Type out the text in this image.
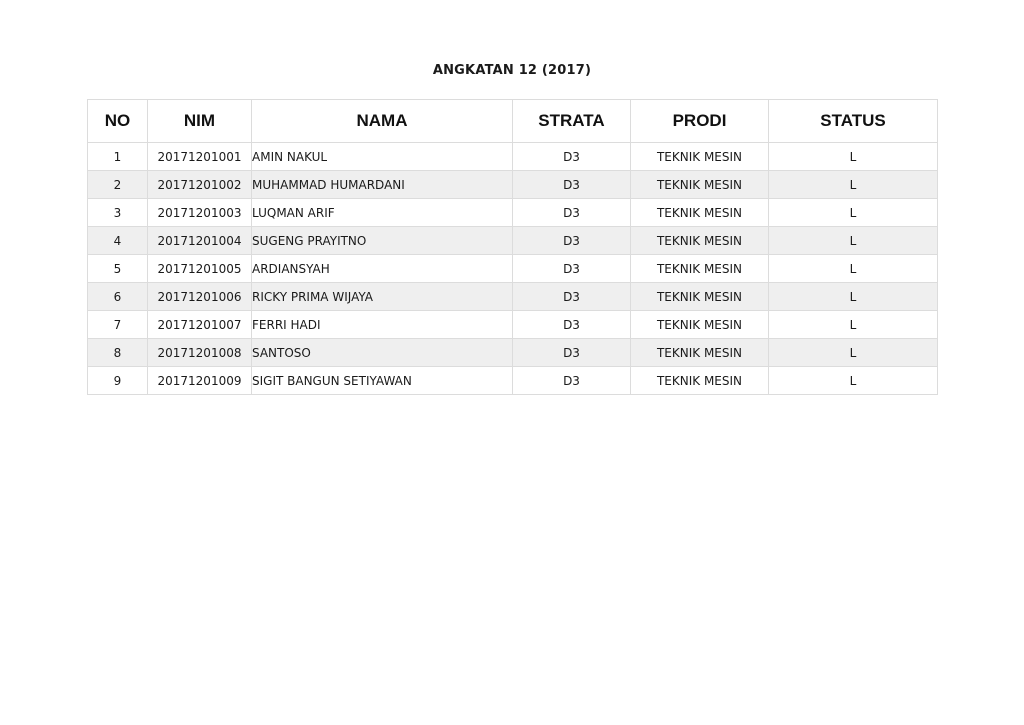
ANGKATAN 12 (2017)
NO	NIM	NAMA	STRATA	PRODI	STATUS
1	20171201001	AMIN NAKUL	D3	TEKNIK MESIN	L
2	20171201002	MUHAMMAD HUMARDANI	D3	TEKNIK MESIN	L
3	20171201003	LUQMAN ARIF	D3	TEKNIK MESIN	L
4	20171201004	SUGENG PRAYITNO	D3	TEKNIK MESIN	L
5	20171201005	ARDIANSYAH	D3	TEKNIK MESIN	L
6	20171201006	RICKY PRIMA WIJAYA	D3	TEKNIK MESIN	L
7	20171201007	FERRI HADI	D3	TEKNIK MESIN	L
8	20171201008	SANTOSO	D3	TEKNIK MESIN	L
9	20171201009	SIGIT BANGUN SETIYAWAN	D3	TEKNIK MESIN	L
